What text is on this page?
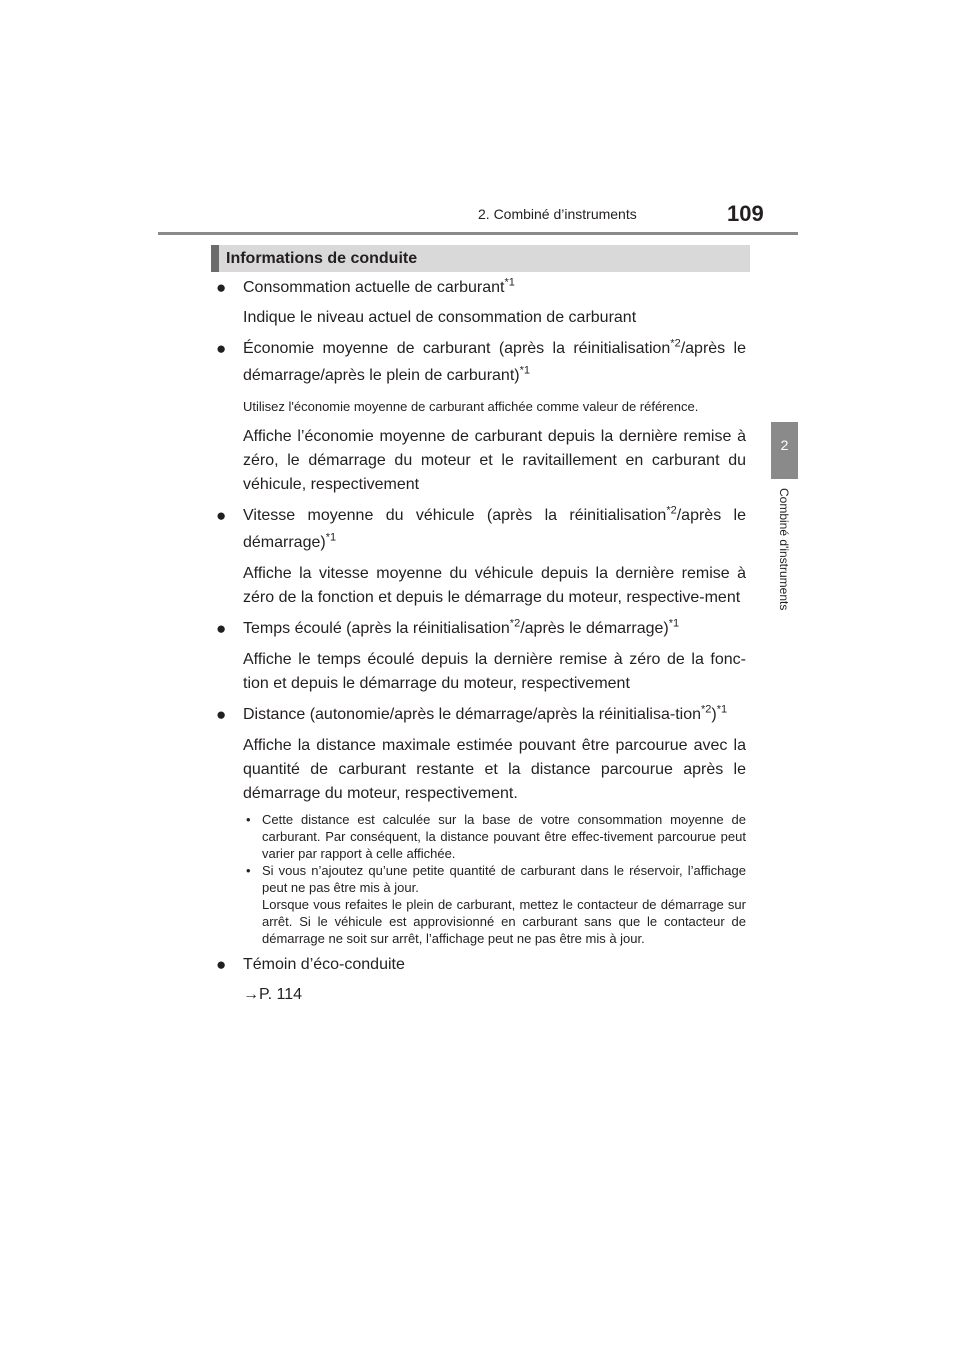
2. Combiné d’instruments	109
2
Combiné d'instruments
Informations de conduite
● Consommation actuelle de carburant$^{*1}$

Indique le niveau actuel de consommation de carburant

● Économie moyenne de carburant (après la réinitialisation$^{*2}$/après le démarrage/après le plein de carburant)$^{*1}$

Utilisez l'économie moyenne de carburant affichée comme valeur de référence.

Affiche l’économie moyenne de carburant depuis la dernière remise à zéro, le démarrage du moteur et le ravitaillement en carburant du véhicule, respectivement

● Vitesse moyenne du véhicule (après la réinitialisation$^{*2}$/après le démarrage)$^{*1}$

Affiche la vitesse moyenne du véhicule depuis la dernière remise à zéro de la fonction et depuis le démarrage du moteur, respective-ment

● Temps écoulé (après la réinitialisation$^{*2}$/après le démarrage)$^{*1}$

Affiche le temps écoulé depuis la dernière remise à zéro de la fonc-tion et depuis le démarrage du moteur, respectivement

● Distance (autonomie/après le démarrage/après la réinitialisa-tion$^{*2}$)$^{*1}$

Affiche la distance maximale estimée pouvant être parcourue avec la quantité de carburant restante et la distance parcourue après le démarrage du moteur, respectivement.

• Cette distance est calculée sur la base de votre consommation moyenne de carburant. Par conséquent, la distance pouvant être effec-tivement parcourue peut varier par rapport à celle affichée.
• Si vous n’ajoutez qu’une petite quantité de carburant dans le réservoir, l’affichage peut ne pas être mis à jour.
Lorsque vous refaites le plein de carburant, mettez le contacteur de démarrage sur arrêt. Si le véhicule est approvisionné en carburant sans que le contacteur de démarrage ne soit sur arrêt, l’affichage peut ne pas être mis à jour.
● Témoin d’éco-conduite

→P. 114
